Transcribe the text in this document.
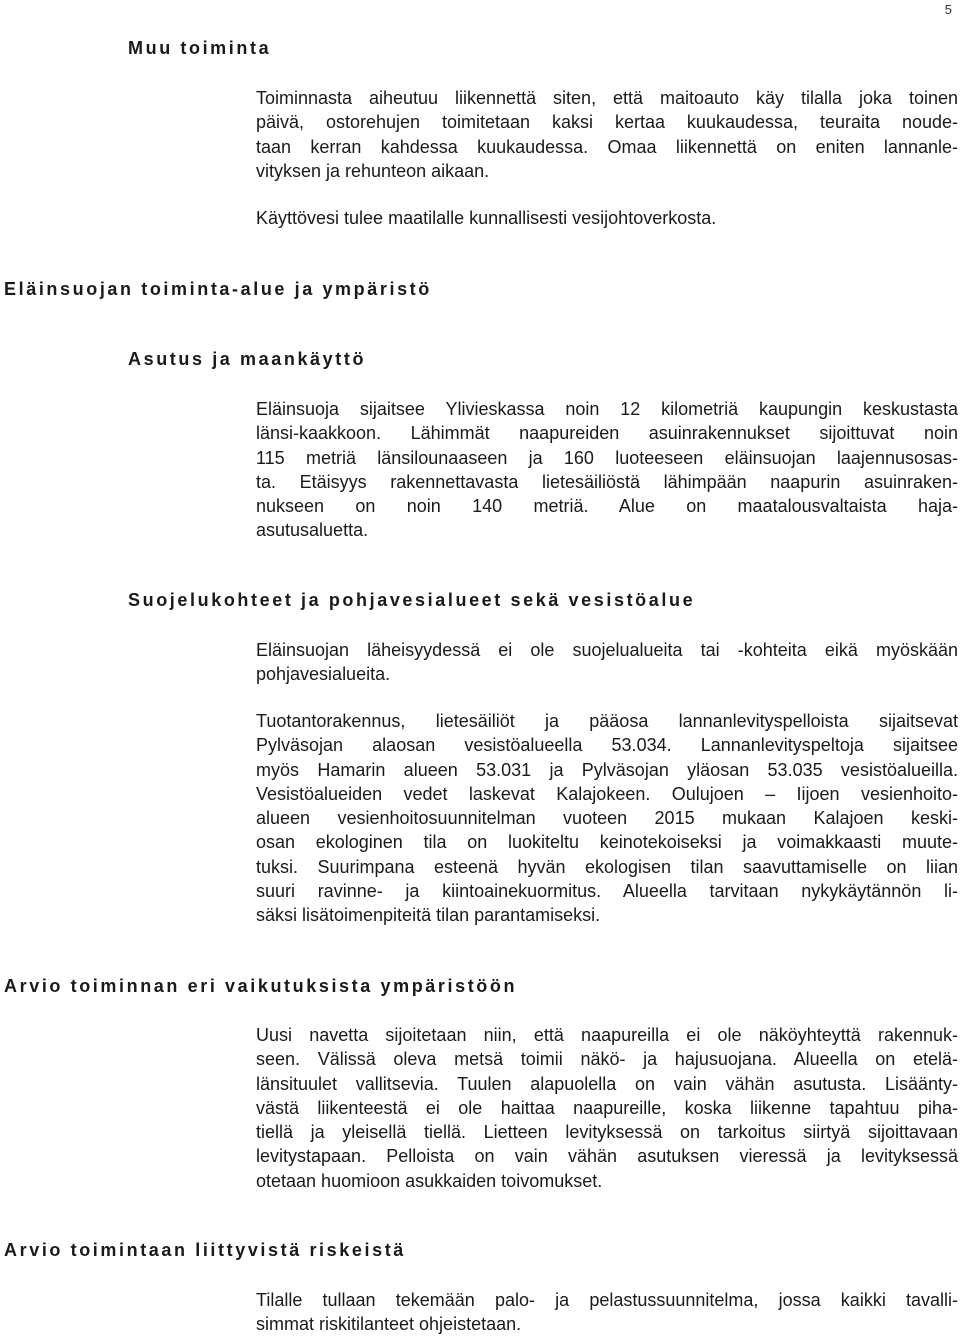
5
Muu toiminta

Toiminnasta aiheutuu liikennettä siten, että maitoauto käy tilalla joka toinen
päivä, ostorehujen toimitetaan kaksi kertaa kuukaudessa, teuraita noude-
taan kerran kahdessa kuukaudessa. Omaa liikennettä on eniten lannanle-
vityksen ja rehunteon aikaan.

Käyttövesi tulee maatilalle kunnallisesti vesijohtoverkosta.

Eläinsuojan toiminta-alue ja ympäristö
Asutus ja maankäyttö

Eläinsuoja sijaitsee Ylivieskassa noin 12 kilometriä kaupungin keskustasta
länsi-kaakkoon. Lähimmät naapureiden asuinrakennukset sijoittuvat noin
115 metriä länsilounaaseen ja 160 luoteeseen eläinsuojan laajennusosas-
ta. Etäisyys rakennettavasta lietesäiliöstä lähimpään naapurin asuinraken-
nukseen on noin 140 metriä. Alue on maatalousvaltaista haja-
asutusaluetta.

Suojelukohteet ja pohjavesialueet sekä vesistöalue

Eläinsuojan läheisyydessä ei ole suojelualueita tai -kohteita eikä myöskään
pohjavesialueita.

Tuotantorakennus, lietesäiliöt ja pääosa lannanlevityspelloista sijaitsevat
Pylväsojan alaosan vesistöalueella 53.034. Lannanlevityspeltoja sijaitsee
myös Hamarin alueen 53.031 ja Pylväsojan yläosan 53.035 vesistöalueilla.
Vesistöalueiden vedet laskevat Kalajokeen. Oulujoen – Iijoen vesienhoito-
alueen vesienhoitosuunnitelman vuoteen 2015 mukaan Kalajoen keski-
osan ekologinen tila on luokiteltu keinotekoiseksi ja voimakkaasti muute-
tuksi. Suurimpana esteenä hyvän ekologisen tilan saavuttamiselle on liian
suuri ravinne- ja kiintoainekuormitus. Alueella tarvitaan nykykäytännön li-
säksi lisätoimenpiteitä tilan parantamiseksi.

Arvio toiminnan eri vaikutuksista ympäristöön

Uusi navetta sijoitetaan niin, että naapureilla ei ole näköyhteyttä rakennuk-
seen. Välissä oleva metsä toimii näkö- ja hajusuojana. Alueella on etelä-
länsituulet vallitsevia. Tuulen alapuolella on vain vähän asutusta. Lisäänty-
västä liikenteestä ei ole haittaa naapureille, koska liikenne tapahtuu piha-
tiellä ja yleisellä tiellä. Lietteen levityksessä on tarkoitus siirtyä sijoittavaan
levitystapaan. Pelloista on vain vähän asutuksen vieressä ja levityksessä
otetaan huomioon asukkaiden toivomukset.

Arvio toimintaan liittyvistä riskeistä

Tilalle tullaan tekemään palo- ja pelastussuunnitelma, jossa kaikki tavalli-
simmat riskitilanteet ohjeistetaan.
